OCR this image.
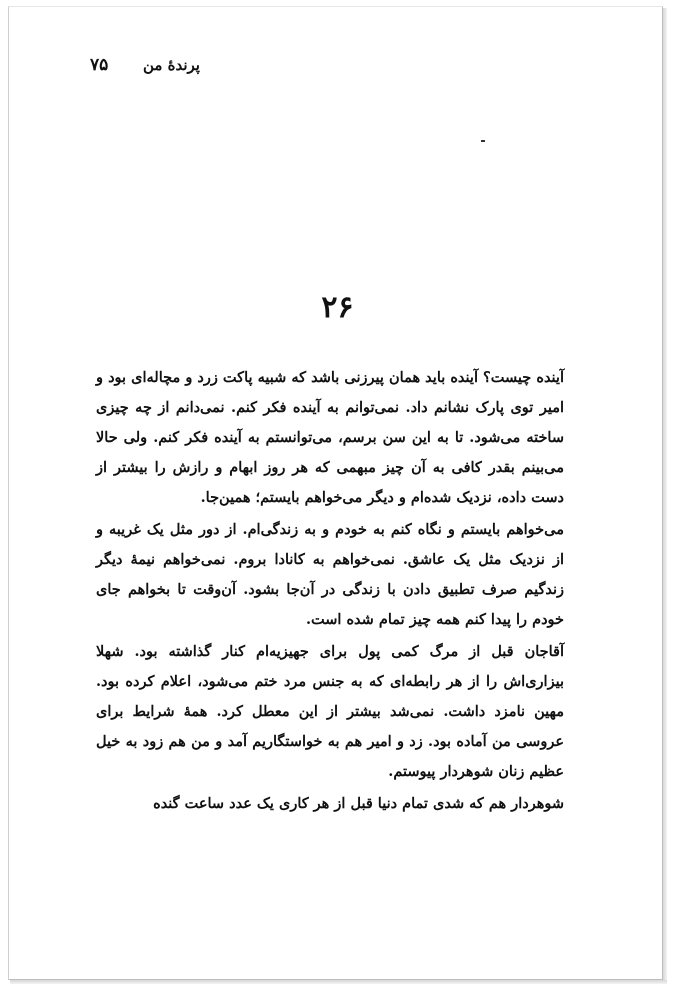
۷۵ پرندهٔ من
۲۶

آینده چیست؟ آینده باید همان پیرزنی باشد که شبیه پاکت زرد و مچاله‌ای بود و امیر توی پارک نشانم داد. نمی‌توانم به آینده فکر کنم. نمی‌دانم از چه چیزی ساخته می‌شود. تا به این سن برسم، می‌توانستم به آینده فکر کنم. ولی حالا می‌بینم بقدر کافی به آن چیز مبهمی که هر روز ابهام و رازش را بیشتر از دست داده، نزدیک شده‌ام و دیگر می‌خواهم بایستم؛ همین‌جا.

می‌خواهم بایستم و نگاه کنم به خودم و به زندگی‌ام. از دور مثل یک غریبه و از نزدیک مثل یک عاشق. نمی‌خواهم به کانادا بروم. نمی‌خواهم نیمهٔ دیگر زندگیم صرف تطبیق دادن با زندگی در آن‌جا بشود. آن‌وقت تا بخواهم جای خودم را پیدا کنم همه چیز تمام شده است.

آقاجان قبل از مرگ کمی پول برای جهیزیه‌ام کنار گذاشته بود. شهلا بیزاری‌اش را از هر رابطه‌ای که به جنس مرد ختم می‌شود، اعلام کرده بود. مهین نامزد داشت. نمی‌شد بیشتر از این معطل کرد. همهٔ شرایط برای عروسی من آماده بود. زد و امیر هم به خواستگاریم آمد و من هم زود به خیل عظیم زنان شوهردار پیوستم.

شوهردار هم که شدی تمام دنیا قبل از هر کاری یک عدد ساعت گنده
